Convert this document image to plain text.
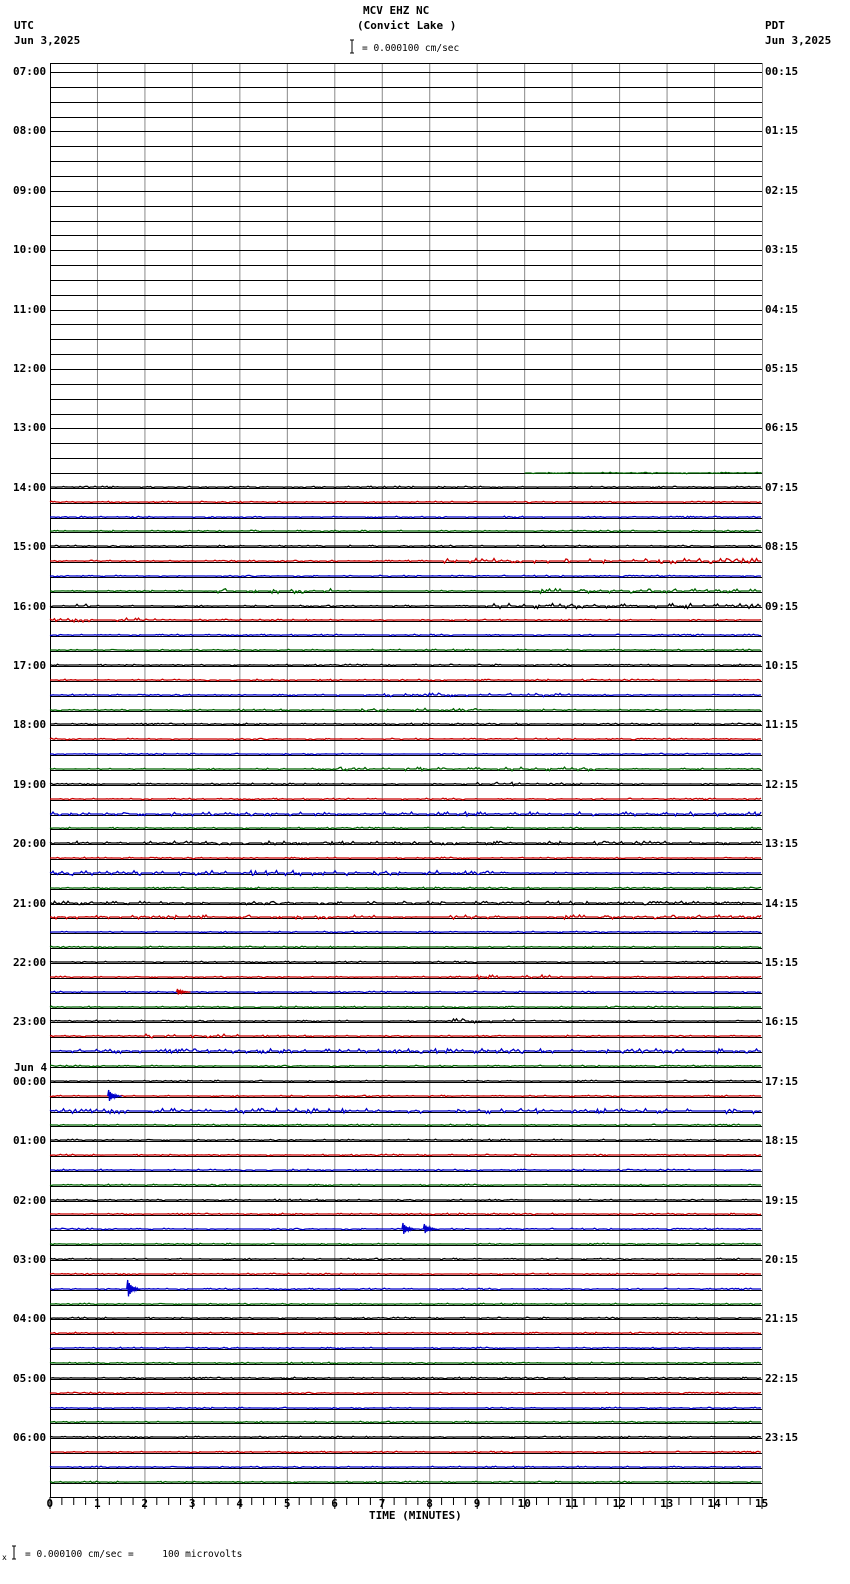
MCV EHZ NC
(Convict Lake )
UTC
Jun 3,2025
PDT
Jun 3,2025
= 0.000100 cm/sec
07:00
08:00
09:00
10:00
11:00
12:00
13:00
14:00
15:00
16:00
17:00
18:00
19:00
20:00
21:00
22:00
23:00
00:00
Jun 4
01:00
02:00
03:00
04:00
05:00
06:00
00:15
01:15
02:15
03:15
04:15
05:15
06:15
07:15
08:15
09:15
10:15
11:15
12:15
13:15
14:15
15:15
16:15
17:15
18:15
19:15
20:15
21:15
22:15
23:15
0	1	2	3	4	5	6	7	8	9	10	11	12	13	14	15
TIME (MINUTES)
x = 0.000100 cm/sec =     100 microvolts
